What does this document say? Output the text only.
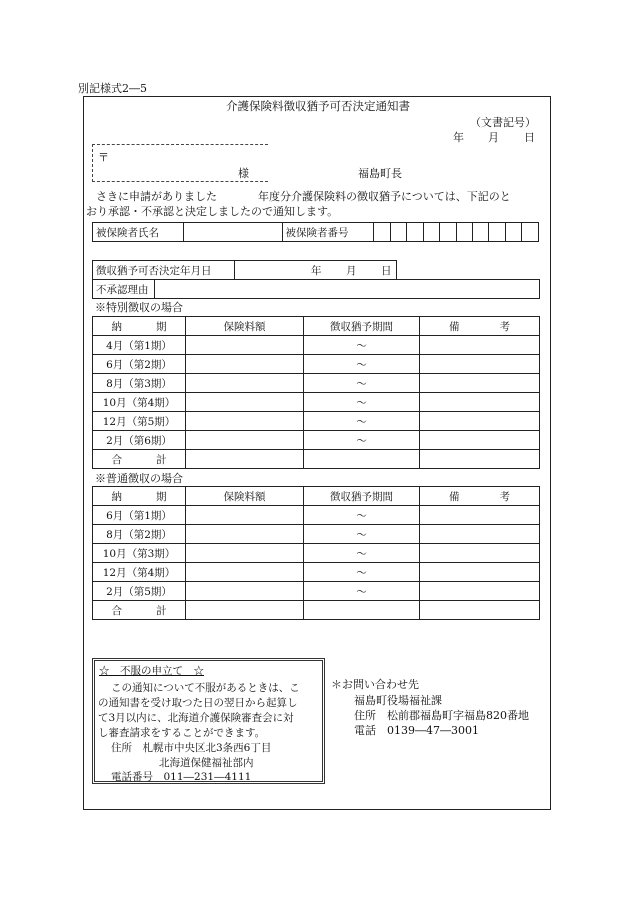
別記様式2―5
介護保険料徴収猶予可否決定通知書
（文書記号）
年 月 日
〒
様	福島町長
さきに申請がありました	年度分介護保険料の徴収猶予については、下記のと
おり承認・不承認と決定しましたので通知します。
被保険者氏名		被保険者番号										
徴収猶予可否決定年月日	年 月 日
不承認理由	
※特別徴収の場合
納 期	保険料額	徴収猶予期間	備 考
4月（第1期）		～	
6月（第2期）		～	
8月（第3期）		～	
10月（第4期）		～	
12月（第5期）		～	
2月（第6期）		～	
合 計			
※普通徴収の場合
納 期	保険料額	徴収猶予期間	備 考
6月（第1期）		～	
8月（第2期）		～	
10月（第3期）		～	
12月（第4期）		～	
2月（第5期）		～	
合 計			
☆　不服の申立て　☆
この通知について不服があるときは、こ
の通知書を受け取つた日の翌日から起算し
て3月以内に、北海道介護保険審査会に対
し審査請求をすることができます。
住所　 札幌市中央区北3条西6丁目
北海道保健福祉部内
電話番号　 011―231―4111
＊お問い合わせ先
福島町役場福祉課
住所　 松前郡福島町字福島820番地
電話　 0139―47―3001
